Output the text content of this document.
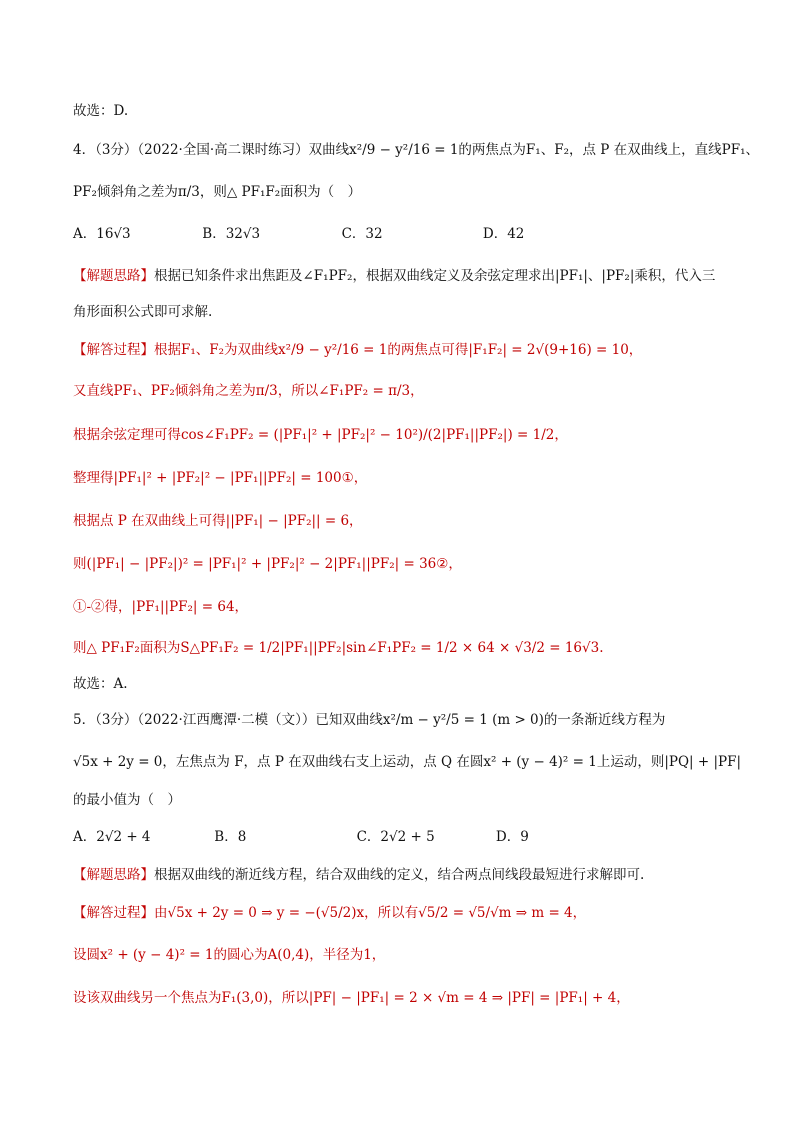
故选：D.
4．（3分）（2022·全国·高二课时练习）双曲线x²/9 − y²/16 = 1的两焦点为F₁、F₂，点 P 在双曲线上，直线PF₁、
PF₂倾斜角之差为π/3，则△ PF₁F₂面积为（　）
A．16√3	B．32√3	C．32	D．42
【解题思路】根据已知条件求出焦距及∠F₁PF₂，根据双曲线定义及余弦定理求出|PF₁|、|PF₂|乘积，代入三
角形面积公式即可求解.
【解答过程】根据F₁、F₂为双曲线x²/9 − y²/16 = 1的两焦点可得|F₁F₂| = 2√(9+16) = 10，
又直线PF₁、PF₂倾斜角之差为π/3，所以∠F₁PF₂ = π/3，
根据余弦定理可得cos∠F₁PF₂ = (|PF₁|² + |PF₂|² − 10²)/(2|PF₁||PF₂|) = 1/2，
整理得|PF₁|² + |PF₂|² − |PF₁||PF₂| = 100①，
根据点 P 在双曲线上可得||PF₁| − |PF₂|| = 6，
则(|PF₁| − |PF₂|)² = |PF₁|² + |PF₂|² − 2|PF₁||PF₂| = 36②，
①-②得，|PF₁||PF₂| = 64，
则△ PF₁F₂面积为S△PF₁F₂ = 1/2|PF₁||PF₂|sin∠F₁PF₂ = 1/2 × 64 × √3/2 = 16√3.
故选：A.
5．（3分）（2022·江西鹰潭·二模（文））已知双曲线x²/m − y²/5 = 1 (m > 0)的一条渐近线方程为
√5x + 2y = 0，左焦点为 F，点 P 在双曲线右支上运动，点 Q 在圆x² + (y − 4)² = 1上运动，则|PQ| + |PF|
的最小值为（　）
A．2√2 + 4	B．8	C．2√2 + 5	D．9
【解题思路】根据双曲线的渐近线方程，结合双曲线的定义，结合两点间线段最短进行求解即可.
【解答过程】由√5x + 2y = 0 ⇒ y = −(√5/2)x，所以有√5/2 = √5/√m ⇒ m = 4，
设圆x² + (y − 4)² = 1的圆心为A(0,4)，半径为1，
设该双曲线另一个焦点为F₁(3,0)，所以|PF| − |PF₁| = 2 × √m = 4 ⇒ |PF| = |PF₁| + 4，
